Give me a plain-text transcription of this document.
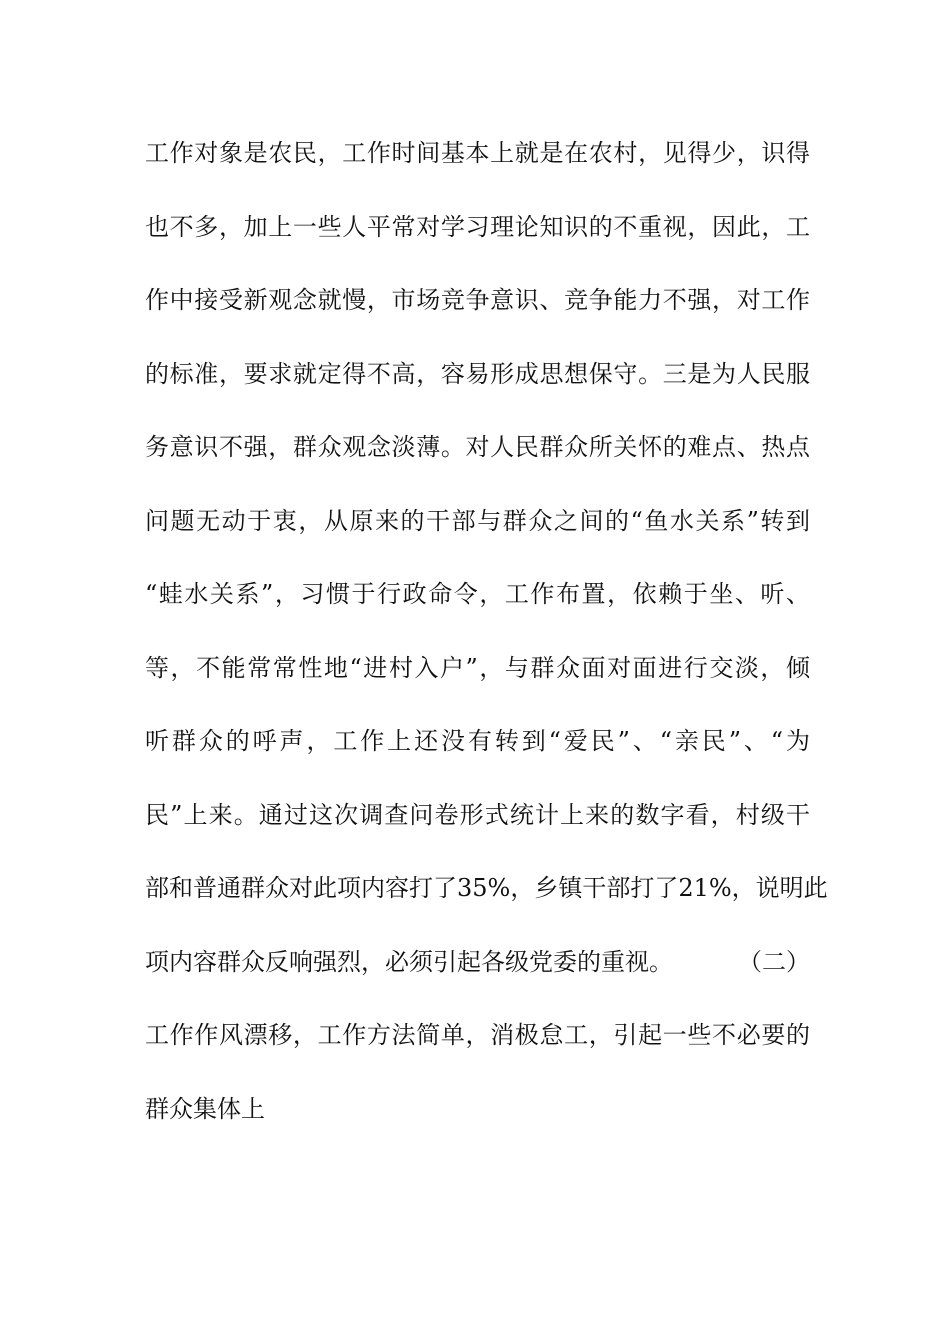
工作对象是农民，工作时间基本上就是在农村，见得少，识得
也不多，加上一些人平常对学习理论知识的不重视，因此，工
作中接受新观念就慢，市场竞争意识、竞争能力不强，对工作
的标准，要求就定得不高，容易形成思想保守。三是为人民服
务意识不强，群众观念淡薄。对人民群众所关怀的难点、热点
问题无动于衷，从原来的干部与群众之间的“鱼水关系”转到
“蛙水关系”，习惯于行政命令，工作布置，依赖于坐、听、
等，不能常常性地“进村入户”，与群众面对面进行交淡，倾
听群众的呼声，工作上还没有转到“爱民”、“亲民”、“为
民”上来。通过这次调查问卷形式统计上来的数字看，村级干
部和普通群众对此项内容打了35%，乡镇干部打了21%，说明此
项内容群众反响强烈，必须引起各级党委的重视。	（二）
工作作风漂移，工作方法简单，消极怠工，引起一些不必要的
群众集体上
